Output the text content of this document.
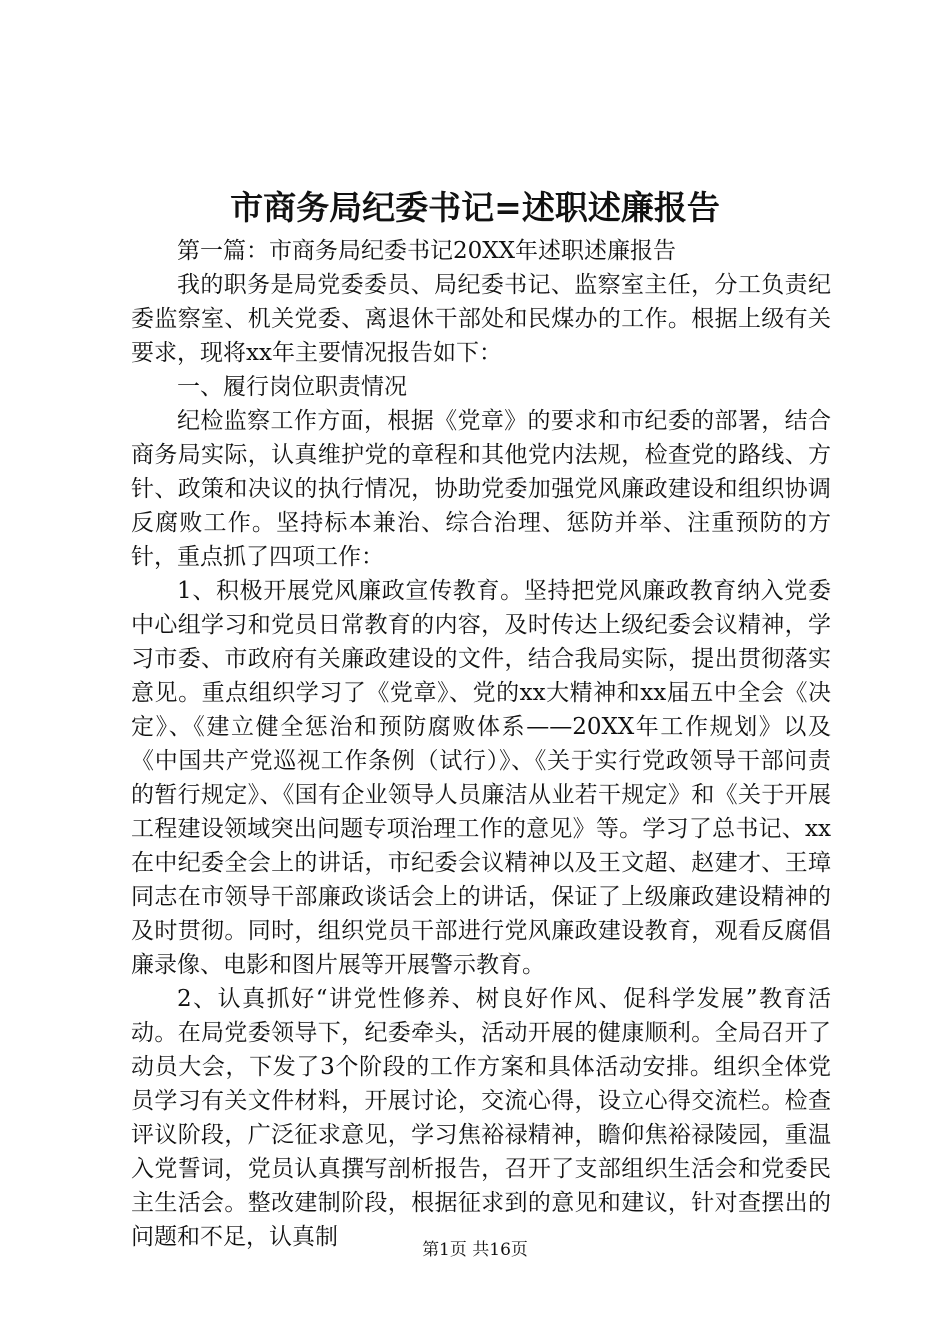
市商务局纪委书记=述职述廉报告

第一篇：市商务局纪委书记20XX年述职述廉报告

我的职务是局党委委员、局纪委书记、监察室主任，分工负责纪委监察室、机关党委、离退休干部处和民煤办的工作。根据上级有关要求，现将xx年主要情况报告如下：

一、履行岗位职责情况

纪检监察工作方面，根据《党章》的要求和市纪委的部署，结合商务局实际，认真维护党的章程和其他党内法规，检查党的路线、方针、政策和决议的执行情况，协助党委加强党风廉政建设和组织协调反腐败工作。坚持标本兼治、综合治理、惩防并举、注重预防的方针，重点抓了四项工作：

1、积极开展党风廉政宣传教育。坚持把党风廉政教育纳入党委中心组学习和党员日常教育的内容，及时传达上级纪委会议精神，学习市委、市政府有关廉政建设的文件，结合我局实际，提出贯彻落实意见。重点组织学习了《党章》、党的xx大精神和xx届五中全会《决定》、《建立健全惩治和预防腐败体系——20XX年工作规划》以及《中国共产党巡视工作条例（试行）》、《关于实行党政领导干部问责的暂行规定》、《国有企业领导人员廉洁从业若干规定》和《关于开展工程建设领域突出问题专项治理工作的意见》等。学习了总书记、xx在中纪委全会上的讲话，市纪委会议精神以及王文超、赵建才、王璋同志在市领导干部廉政谈话会上的讲话，保证了上级廉政建设精神的及时贯彻。同时，组织党员干部进行党风廉政建设教育，观看反腐倡廉录像、电影和图片展等开展警示教育。

2、认真抓好“讲党性修养、树良好作风、促科学发展”教育活动。在局党委领导下，纪委牵头，活动开展的健康顺利。全局召开了动员大会，下发了3个阶段的工作方案和具体活动安排。组织全体党员学习有关文件材料，开展讨论，交流心得，设立心得交流栏。检查评议阶段，广泛征求意见，学习焦裕禄精神，瞻仰焦裕禄陵园，重温入党誓词，党员认真撰写剖析报告，召开了支部组织生活会和党委民主生活会。整改建制阶段，根据征求到的意见和建议，针对查摆出的问题和不足，认真制	第1页 共16页
